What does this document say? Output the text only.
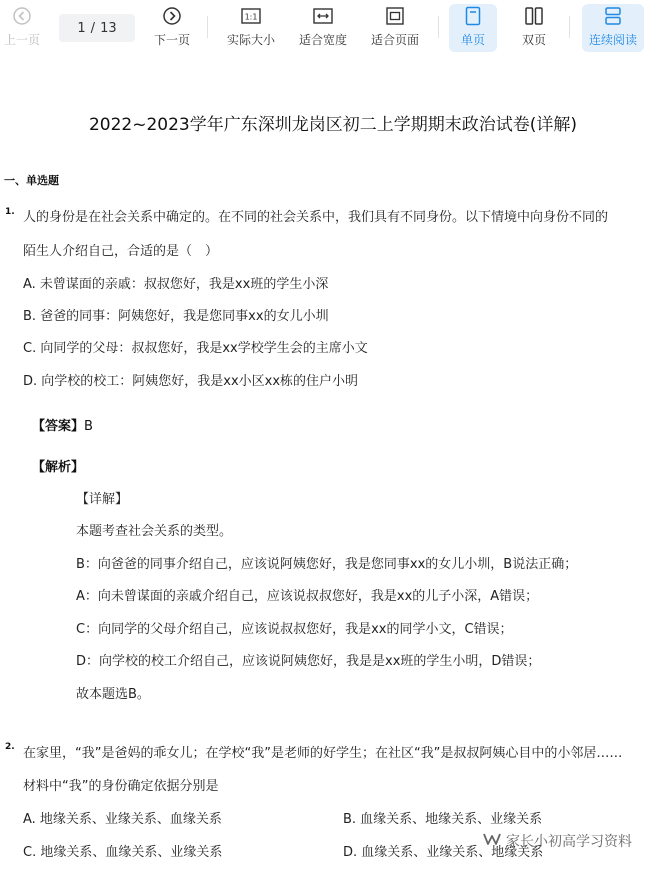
上一页
1 / 13
下一页
1:1
实际大小 适合宽度 适合页面	单页	双页	连续阅读
2022~2023学年广东深圳龙岗区初二上学期期末政治试卷(详解)
一、单选题
1. 人的身份是在社会关系中确定的。在不同的社会关系中，我们具有不同身份。以下情境中向身份不同的
陌生人介绍自己，合适的是（　）
A. 未曾谋面的亲戚：叔叔您好，我是xx班的学生小深
B. 爸爸的同事：阿姨您好，我是您同事xx的女儿小圳
C. 向同学的父母：叔叔您好，我是xx学校学生会的主席小文
D. 向学校的校工：阿姨您好，我是xx小区xx栋的住户小明
【答案】B
【解析】
【详解】
本题考查社会关系的类型。
B：向爸爸的同事介绍自己，应该说阿姨您好，我是您同事xx的女儿小圳，B说法正确；
A：向未曾谋面的亲戚介绍自己，应该说叔叔您好，我是xx的儿子小深，A错误；
C：向同学的父母介绍自己，应该说叔叔您好，我是xx的同学小文，C错误；
D：向学校的校工介绍自己，应该说阿姨您好，我是是xx班的学生小明，D错误；
故本题选B。
2. 在家里，“我”是爸妈的乖女儿；在学校“我”是老师的好学生；在社区“我”是叔叔阿姨心目中的小邻居……
材料中“我”的身份确定依据分别是
A. 地缘关系、业缘关系、血缘关系	B. 血缘关系、地缘关系、业缘关系
C. 地缘关系、血缘关系、业缘关系	D. 血缘关系、业缘关系、地缘关系
家长小初高学习资料
